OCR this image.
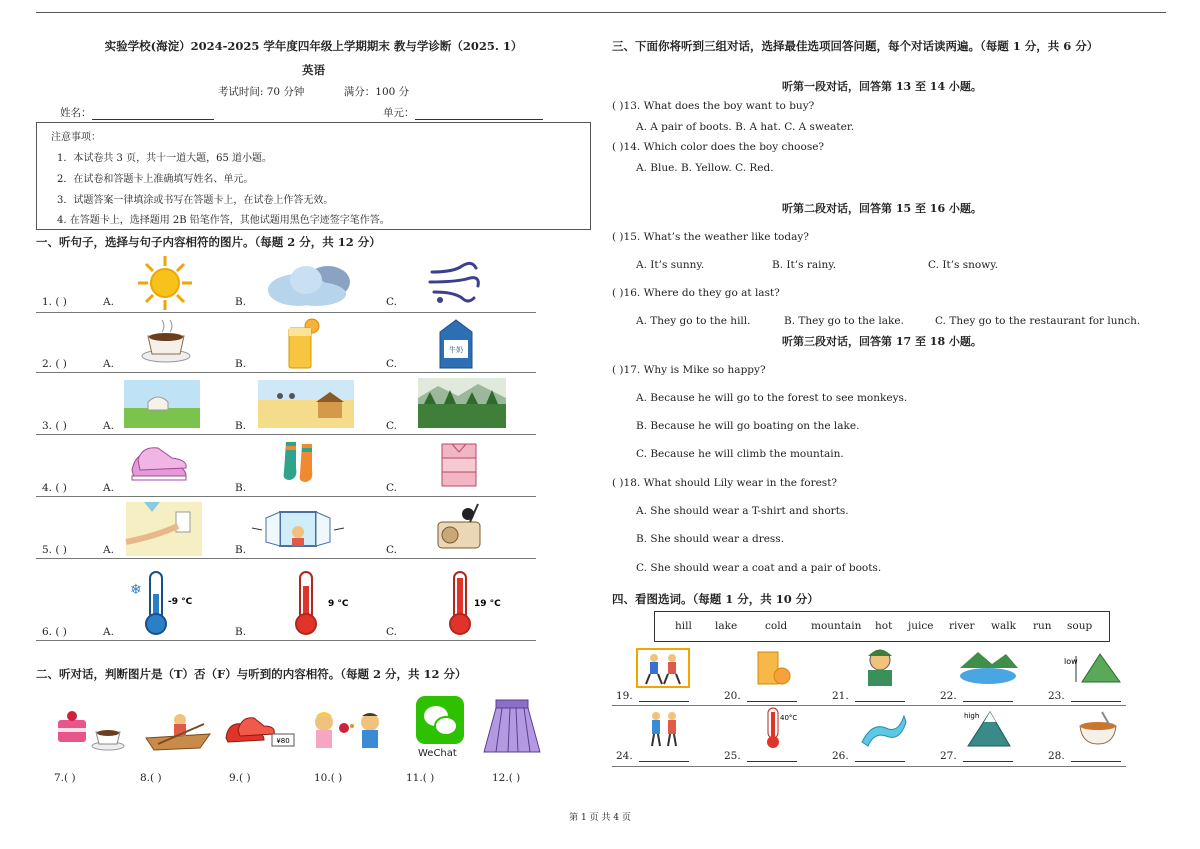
实验学校(海淀）2024-2025 学年度四年级上学期期末 教与学诊断（2025. 1）
英语
考试时间: 70 分钟	满分：100 分
姓名：	单元：
注意事项：
1．本试卷共 3 页，共十一道大题，65 道小题。
2．在试卷和答题卡上准确填写姓名、单元。
3．试题答案一律填涂或书写在答题卡上，在试卷上作答无效。
4. 在答题卡上，选择题用 2B 铅笔作答，其他试题用黑色字迹签字笔作答。
一、听句子，选择与句子内容相符的图片。（每题 2 分，共 12 分）
1. ( )	A.	B.	C.
2. ( )	A.	B.	C.
3. ( )	A.	B.	C.
4. ( )	A.	B.	C.
5. ( )	A.	B.	C.
6. ( )	A.	B.	C.
牛奶
❄
-9 °C	9 °C	19 °C
二、听对话，判断图片是（T）否（F）与听到的内容相符。（每题 2 分，共 12 分）
¥80
WeChat
7.( )	8.( )	9.( )	10.( )	11.( )	12.( )
三、下面你将听到三组对话，选择最佳选项回答问题，每个对话读两遍。（每题 1 分，共 6 分）
听第一段对话，回答第 13 至 14 小题。
( )13. What does the boy want to buy?
A. A pair of boots. B. A hat. C. A sweater.
( )14. Which color does the boy choose?
A. Blue. B. Yellow. C. Red.
听第二段对话，回答第 15 至 16 小题。
( )15. What’s the weather like today?
A. It’s sunny.	B. It’s rainy.	C. It’s snowy.
( )16. Where do they go at last?
A. They go to the hill.	B. They go to the lake.	C. They go to the restaurant for lunch.
听第三段对话，回答第 17 至 18 小题。
( )17. Why is Mike so happy?
A. Because he will go to the forest to see monkeys.
B. Because he will go boating on the lake.
C. Because he will climb the mountain.
( )18. What should Lily wear in the forest?
A. She should wear a T-shirt and shorts.
B. She should wear a dress.
C. She should wear a coat and a pair of boots.
四、看图选词。（每题 1 分，共 10 分）
hill lake	cold mountain hot juice river walk run soup
low
19.	20.	21.	22.	23.
40°C	high
24.	25.	26.	27.	28.
第 1 页 共 4 页
